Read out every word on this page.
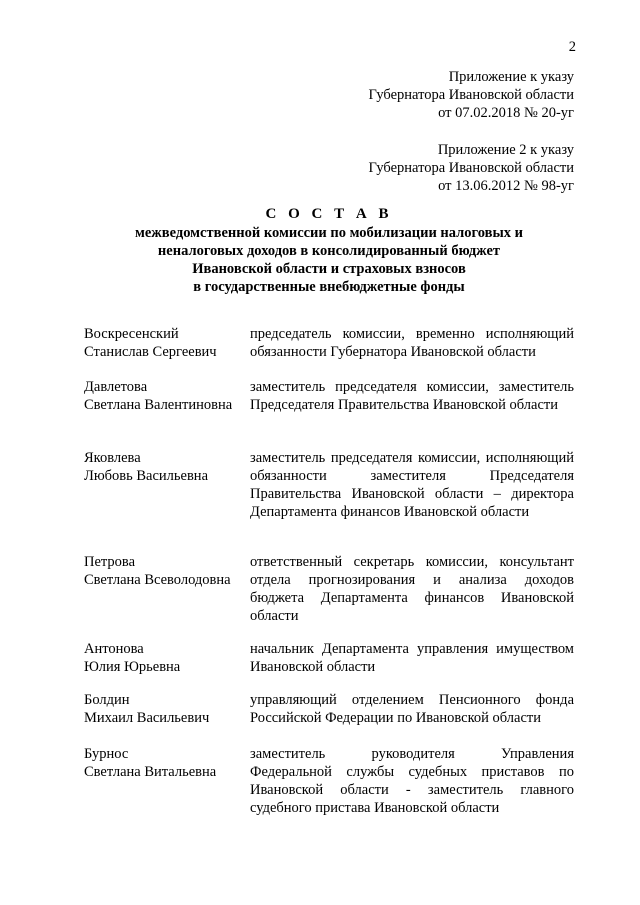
2
Приложение к указу
Губернатора Ивановской области
от 07.02.2018 № 20-уг
Приложение 2 к указу
Губернатора Ивановской области
от 13.06.2012 № 98-уг
С О С Т А В
межведомственной комиссии по мобилизации налоговых и
неналоговых доходов в консолидированный бюджет
Ивановской области и страховых взносов
в государственные внебюджетные фонды
Воскресенский
Станислав Сергеевич
председатель комиссии, временно исполняющий обязанности Губернатора Ивановской области
Давлетова
Светлана Валентиновна
заместитель председателя комиссии, заместитель Председателя Правительства Ивановской области
Яковлева
Любовь Васильевна
заместитель председателя комиссии, исполняющий обязанности заместителя Председателя Правительства Ивановской области – директора Департамента финансов Ивановской области
Петрова
Светлана Всеволодовна
ответственный секретарь комиссии, консультант отдела прогнозирования и анализа доходов бюджета Департамента финансов Ивановской области
Антонова
Юлия Юрьевна
начальник Департамента управления имуществом Ивановской области
Болдин
Михаил Васильевич
управляющий отделением Пенсионного фонда Российской Федерации по Ивановской области
Бурнос
Светлана Витальевна
заместитель руководителя Управления Федеральной службы судебных приставов по Ивановской области - заместитель главного судебного пристава Ивановской области
